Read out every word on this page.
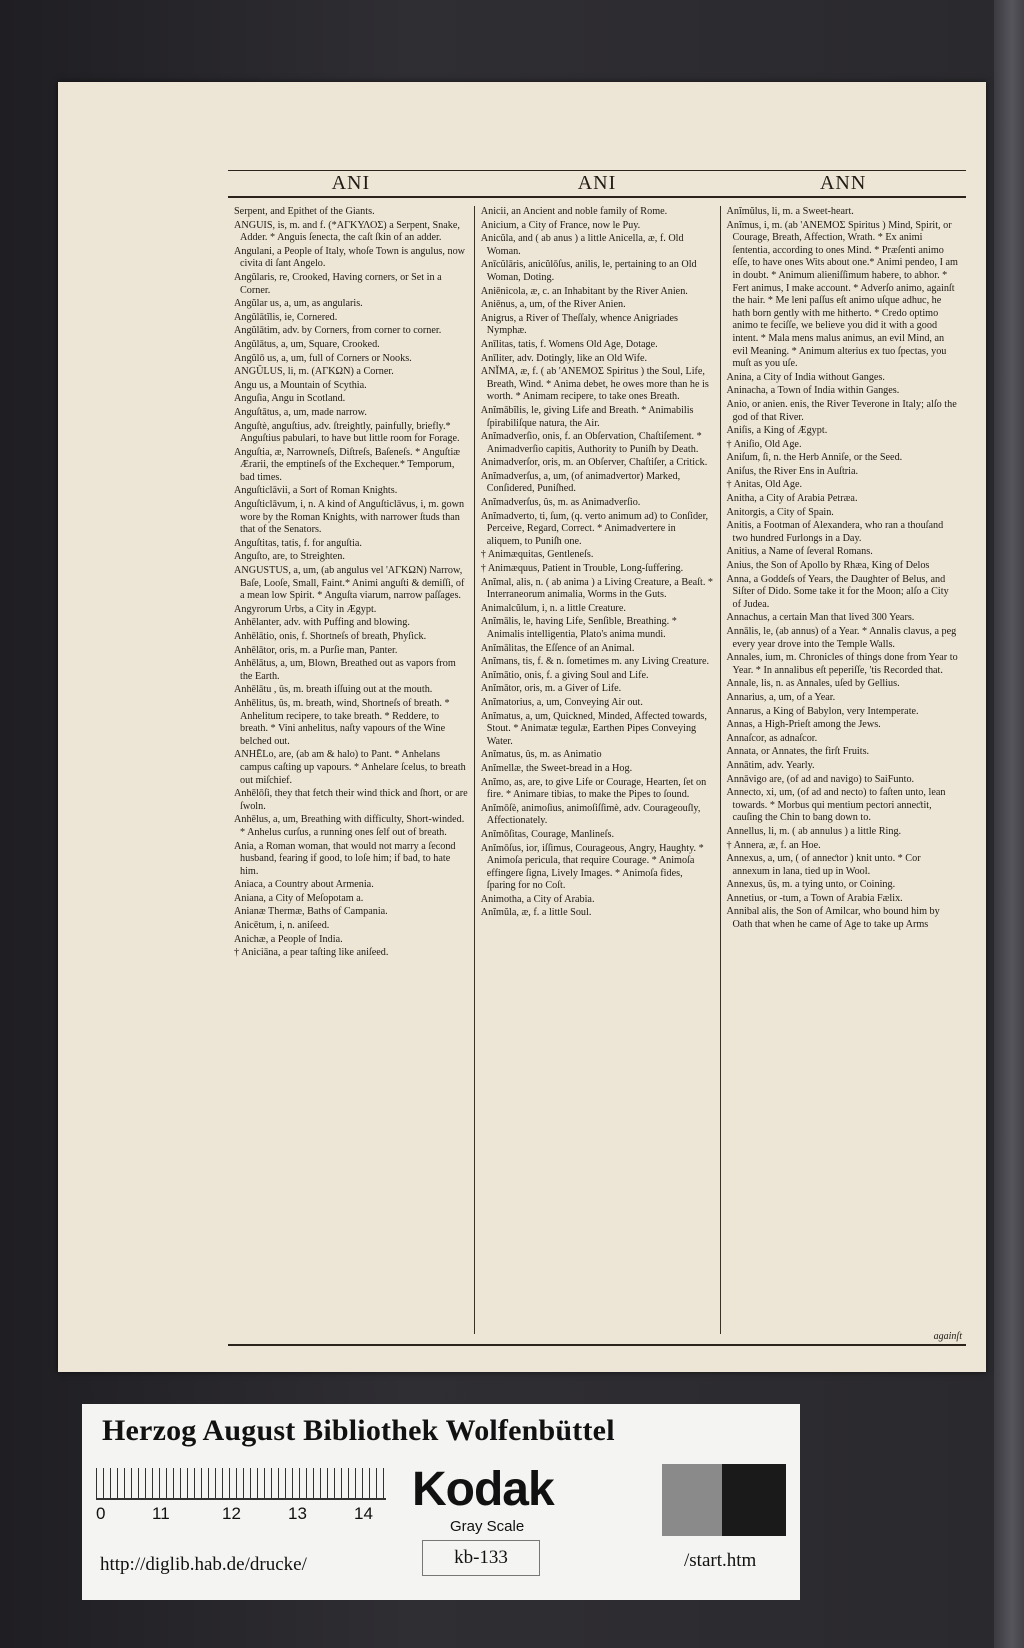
ANI	ANI	ANN
Serpent, and Epithet of the Giants.
ANGUIS, is, m. and f. (*ΑΓΚΥΛΟΣ) a Serpent, Snake, Adder. * Anguis ſenecta, the caſt ſkin of an adder.
Angulani, a People of Italy, whoſe Town is angulus, now civita di ſant Angelo.
Angŭlaris, re, Crooked, Having corners, or Set in a Corner.
Angŭlar us, a, um, as angularis.
Angŭlātĭlis, ie, Cornered.
Angŭlātim, adv. by Corners, from corner to corner.
Angŭlātus, a, um, Square, Crooked.
Angŭlō us, a, um, full of Corners or Nooks.
ANGŬLUS, li, m. (ΑΓΚΩΝ) a Corner.
Angu us, a Mountain of Scythia.
Anguſia, Angu in Scotland.
Anguſtātus, a, um, made narrow.
Anguſtè, anguſtius, adv. ſtreightly, painfully, briefly.* Anguſtius pabulari, to have but little room for Forage.
Anguſtia, æ, Narrowneſs, Diſtreſs, Baſeneſs. * Anguſtiæ Ærarii, the emptineſs of the Exchequer.* Temporum, bad times.
Anguſticlāvii, a Sort of Roman Knights.
Anguſticlāvum, i, n. A kind of Anguſticlāvus, i, m. gown wore by the Roman Knights, with narrower ſtuds than that of the Senators.
Anguſtitas, tatis, f. for anguſtia.
Anguſto, are, to Streighten.
ANGUSTUS, a, um, (ab angulus vel 'ΑΓΚΩΝ) Narrow, Baſe, Looſe, Small, Faint.* Animi anguſti & demiſſi, of a mean low Spirit. * Anguſta viarum, narrow paſſages.
Angyrorum Urbs, a City in Ægypt.
Anhēlanter, adv. with Puffing and blowing.
Anhēlātio, onis, f. Shortneſs of breath, Phyſick.
Anhēlātor, oris, m. a Purſie man, Panter.
Anhēlātus, a, um, Blown, Breathed out as vapors from the Earth.
Anhēlātu , ûs, m. breath iſſuing out at the mouth.
Anhēlitus, ûs, m. breath, wind, Shortneſs of breath. * Anhelitum recipere, to take breath. * Reddere, to breath. * Vini anhelitus, naſty vapours of the Wine belched out.
ANHĒLo, are, (ab am & halo) to Pant. * Anhelans campus caſting up vapours. * Anhelare ſcelus, to breath out miſchief.
Anhēlōſi, they that fetch their wind thick and ſhort, or are ſwoln.
Anhēlus, a, um, Breathing with difficulty, Short-winded. * Anhelus curſus, a running ones ſelf out of breath.
Ania, a Roman woman, that would not marry a ſecond husband, fearing if good, to loſe him; if bad, to hate him.
Aniaca, a Country about Armenia.
Aniana, a City of Meſopotam a.
Anianæ Thermæ, Baths of Campania.
Anicētum, i, n. aniſeed.
Anichæ, a People of India.
† Aniciāna, a pear taſting like aniſeed.
Anicii, an Ancient and noble family of Rome.
Anicium, a City of France, now le Puy.
Anicŭla, and ( ab anus ) a little Anicella, æ, f. Old Woman.
Anīcŭlāris, anicŭlōſus, anilis, le, pertaining to an Old Woman, Doting.
Aniēnicola, æ, c. an Inhabitant by the River Anien.
Aniēnus, a, um, of the River Anien.
Anigrus, a River of Theſſaly, whence Anigriades Nymphæ.
Anīlitas, tatis, f. Womens Old Age, Dotage.
Anīliter, adv. Dotingly, like an Old Wife.
ANĬMA, æ, f. ( ab 'ΑΝΕΜΟΣ Spiritus ) the Soul, Life, Breath, Wind. * Anima debet, he owes more than he is worth. * Animam recipere, to take ones Breath.
Anĭmābĭlis, le, giving Life and Breath. * Animabilis ſpirabiliſque natura, the Air.
Anĭmadverſio, onis, f. an Obſervation, Chaſtiſement. * Animadverſio capitis, Authority to Puniſh by Death.
Animadverſor, oris, m. an Obſerver, Chaſtiſer, a Critick.
Anĭmadverſus, a, um, (of animadvertor) Marked, Conſidered, Puniſhed.
Anĭmadverſus, ûs, m. as Animadverſio.
Anĭmadverto, ti, ſum, (q. verto animum ad) to Conſider, Perceive, Regard, Correct. * Animadvertere in aliquem, to Puniſh one.
† Animæquitas, Gentleneſs.
† Animæquus, Patient in Trouble, Long-ſuffering.
Anĭmal, alis, n. ( ab anima ) a Living Creature, a Beaſt. * Interraneorum animalia, Worms in the Guts.
Animalcŭlum, i, n. a little Creature.
Anĭmālis, le, having Life, Senſible, Breathing. * Animalis intelligentia, Plato's anima mundi.
Anĭmālitas, the Eſſence of an Animal.
Anĭmans, tis, f. & n. ſometimes m. any Living Creature.
Anĭmātio, onis, f. a giving Soul and Life.
Anĭmātor, oris, m. a Giver of Life.
Anĭmatorius, a, um, Conveying Air out.
Anĭmatus, a, um, Quickned, Minded, Affected towards, Stout. * Animatæ tegulæ, Earthen Pipes Conveying Water.
Anĭmatus, ûs, m. as Animatio
Anĭmellæ, the Sweet-bread in a Hog.
Anĭmo, as, are, to give Life or Courage, Hearten, ſet on fire. * Animare tibias, to make the Pipes to ſound.
Anĭmōſè, animoſius, animoſiſſimè, adv. Courageouſly, Affectionately.
Anĭmōſitas, Courage, Manlineſs.
Anĭmōſus, ior, iſſimus, Courageous, Angry, Haughty. * Animoſa pericula, that require Courage. * Animoſa effingere ſigna, Lively Images. * Animoſa fides, ſparing for no Coſt.
Animotha, a City of Arabia.
Anĭmŭla, æ, f. a little Soul.
Anĭmŭlus, li, m. a Sweet-heart.
Anĭmus, i, m. (ab 'ΑΝΕΜΟΣ Spiritus ) Mind, Spirit, or Courage, Breath, Affection, Wrath. * Ex animi ſententia, according to ones Mind. * Præſenti animo eſſe, to have ones Wits about one.* Animi pendeo, I am in doubt. * Animum alieniſſimum habere, to abhor. * Fert animus, I make account. * Adverſo animo, againſt the hair. * Me leni paſſus eſt animo uſque adhuc, he hath born gently with me hitherto. * Credo optimo animo te feciſſe, we believe you did it with a good intent. * Mala mens malus animus, an evil Mind, an evil Meaning. * Animum alterius ex tuo ſpectas, you muſt as you uſe.
Anina, a City of India without Ganges.
Aninacha, a Town of India within Ganges.
Anio, or anien. enis, the River Teverone in Italy; alſo the god of that River.
Aniſis, a King of Ægypt.
† Aniſio, Old Age.
Aniſum, ſi, n. the Herb Anniſe, or the Seed.
Aniſus, the River Ens in Auſtria.
† Anitas, Old Age.
Anitha, a City of Arabia Petræa.
Anitorgis, a City of Spain.
Anitis, a Footman of Alexandera, who ran a thouſand two hundred Furlongs in a Day.
Anitius, a Name of ſeveral Romans.
Anius, the Son of Apollo by Rhæa, King of Delos
Anna, a Goddeſs of Years, the Daughter of Belus, and Siſter of Dido. Some take it for the Moon; alſo a City of Judea.
Annachus, a certain Man that lived 300 Years.
Annālis, le, (ab annus) of a Year. * Annalis clavus, a peg every year drove into the Temple Walls.
Annales, ium, m. Chronicles of things done from Year to Year. * In annalibus eſt peperiſſe, 'tis Recorded that.
Annale, lis, n. as Annales, uſed by Gellius.
Annarius, a, um, of a Year.
Annarus, a King of Babylon, very Intemperate.
Annas, a High-Prieſt among the Jews.
Annaſcor, as adnaſcor.
Annata, or Annates, the firſt Fruits.
Annātim, adv. Yearly.
Annāvigo are, (of ad and navigo) to SaiFunto.
Annecto, xi, um, (of ad and necto) to faſten unto, lean towards. * Morbus qui mentium pectori anneƈtit, cauſing the Chin to bang down to.
Annellus, li, m. ( ab annulus ) a little Ring.
† Annera, æ, f. an Hoe.
Annexus, a, um, ( of anneƈtor ) knit unto. * Cor annexum in lana, tied up in Wool.
Annexus, ûs, m. a tying unto, or Coining.
Annetius, or -tum, a Town of Arabia Fælix.
Annibal alis, the Son of Amilcar, who bound him by Oath that when he came of Age to take up Arms
againſt
Herzog August Bibliothek Wolfenbüttel
0	11	12	13	14 Kodak
Gray Scale
kb-133
http://diglib.hab.de/drucke/	/start.htm
